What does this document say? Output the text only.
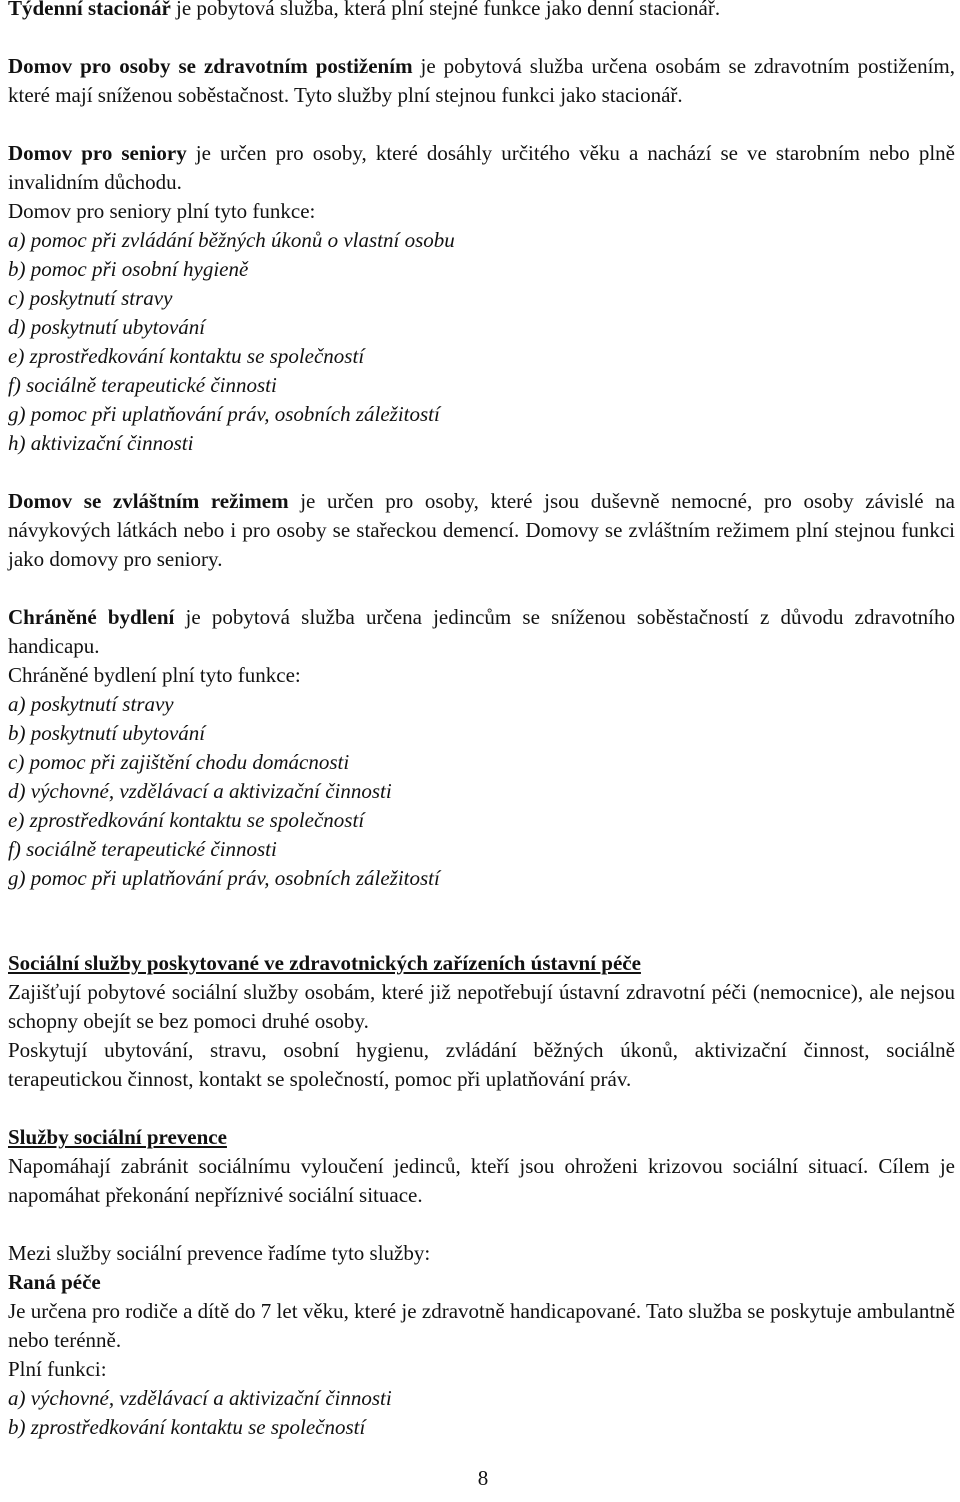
Týdenní stacionář je pobytová služba, která plní stejné funkce jako denní stacionář.

Domov pro osoby se zdravotním postižením je pobytová služba určena osobám se zdravotním postižením, které mají sníženou soběstačnost. Tyto služby plní stejnou funkci jako stacionář.

Domov pro seniory je určen pro osoby, které dosáhly určitého věku a nachází se ve starobním nebo plně invalidním důchodu.

Domov pro seniory plní tyto funkce:

a) pomoc při zvládání běžných úkonů o vlastní osobu
b) pomoc při osobní hygieně
c) poskytnutí stravy
d) poskytnutí ubytování
e) zprostředkování kontaktu se společností
f) sociálně terapeutické činnosti
g) pomoc při uplatňování práv, osobních záležitostí
h) aktivizační činnosti

Domov se zvláštním režimem je určen pro osoby, které jsou duševně nemocné, pro osoby závislé na návykových látkách nebo i pro osoby se stařeckou demencí. Domovy se zvláštním režimem plní stejnou funkci jako domovy pro seniory.

Chráněné bydlení je pobytová služba určena jedincům se sníženou soběstačností z důvodu zdravotního handicapu.

Chráněné bydlení plní tyto funkce:

a) poskytnutí stravy
b) poskytnutí ubytování
c) pomoc při zajištění chodu domácnosti
d) výchovné, vzdělávací a aktivizační činnosti
e) zprostředkování kontaktu se společností
f) sociálně terapeutické činnosti
g) pomoc při uplatňování práv, osobních záležitostí

Sociální služby poskytované ve zdravotnických zařízeních ústavní péče

Zajišťují pobytové sociální služby osobám, které již nepotřebují ústavní zdravotní péči (nemocnice), ale nejsou schopny obejít se bez pomoci druhé osoby.

Poskytují ubytování, stravu, osobní hygienu, zvládání běžných úkonů, aktivizační činnost, sociálně terapeutickou činnost, kontakt se společností, pomoc při uplatňování práv.

Služby sociální prevence

Napomáhají zabránit sociálnímu vyloučení jedinců, kteří jsou ohroženi krizovou sociální situací. Cílem je napomáhat překonání nepříznivé sociální situace.

Mezi služby sociální prevence řadíme tyto služby:

Raná péče

Je určena pro rodiče a dítě do 7 let věku, které je zdravotně handicapované. Tato služba se poskytuje ambulantně nebo terénně.

Plní funkci:

a) výchovné, vzdělávací a aktivizační činnosti
b) zprostředkování kontaktu se společností
8
